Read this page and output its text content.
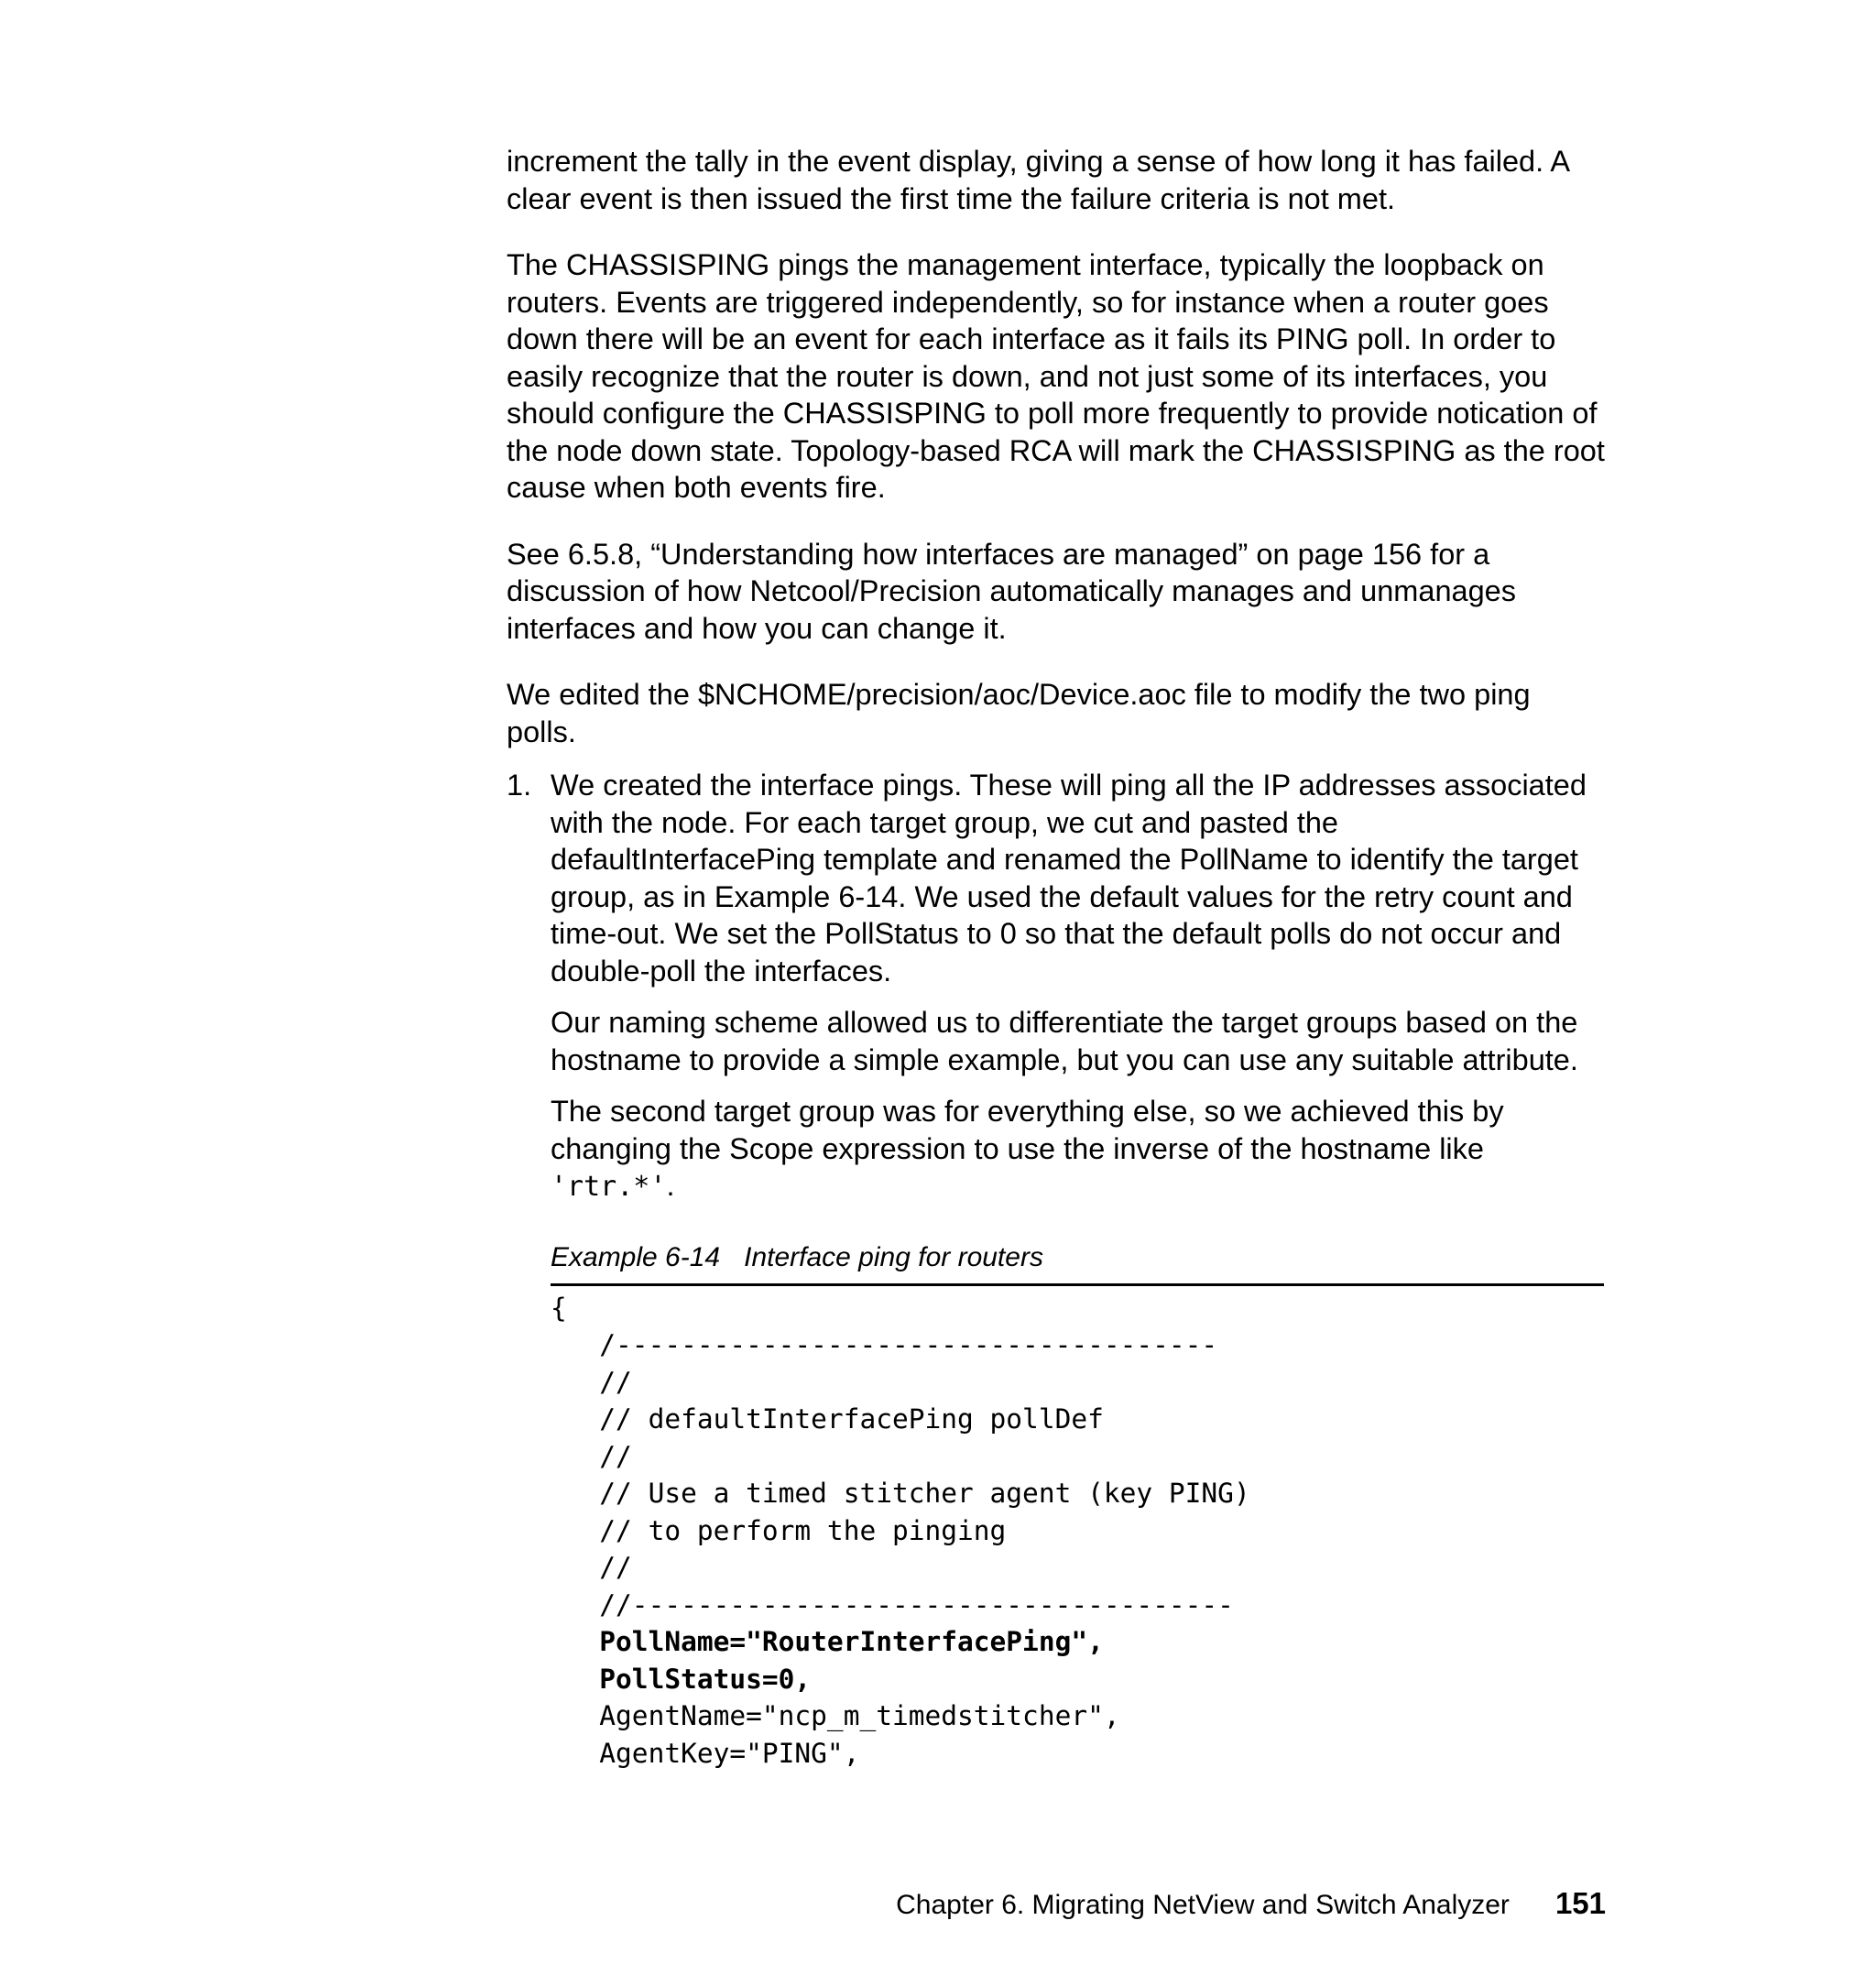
increment the tally in the event display, giving a sense of how long it has failed. A clear event is then issued the first time the failure criteria is not met.

The CHASSISPING pings the management interface, typically the loopback on routers. Events are triggered independently, so for instance when a router goes down there will be an event for each interface as it fails its PING poll. In order to easily recognize that the router is down, and not just some of its interfaces, you should configure the CHASSISPING to poll more frequently to provide notication of the node down state. Topology-based RCA will mark the CHASSISPING as the root cause when both events fire.

See 6.5.8, “Understanding how interfaces are managed” on page 156 for a discussion of how Netcool/Precision automatically manages and unmanages interfaces and how you can change it.

We edited the $NCHOME/precision/aoc/Device.aoc file to modify the two ping polls.

1. We created the interface pings. These will ping all the IP addresses associated with the node. For each target group, we cut and pasted the defaultInterfacePing template and renamed the PollName to identify the target group, as in Example 6-14. We used the default values for the retry count and time-out. We set the PollStatus to 0 so that the default polls do not occur and double-poll the interfaces.

Our naming scheme allowed us to differentiate the target groups based on the hostname to provide a simple example, but you can use any suitable attribute.

The second target group was for everything else, so we achieved this by changing the Scope expression to use the inverse of the hostname like 'rtr.*'.

Example 6-14 Interface ping for routers
{
/-------------------------------------
//
// defaultInterfacePing pollDef
//
// Use a timed stitcher agent (key PING)
// to perform the pinging
//
//-------------------------------------
PollName="RouterInterfacePing",
PollStatus=0,
AgentName="ncp_m_timedstitcher",
AgentKey="PING",
Chapter 6. Migrating NetView and Switch Analyzer 151
